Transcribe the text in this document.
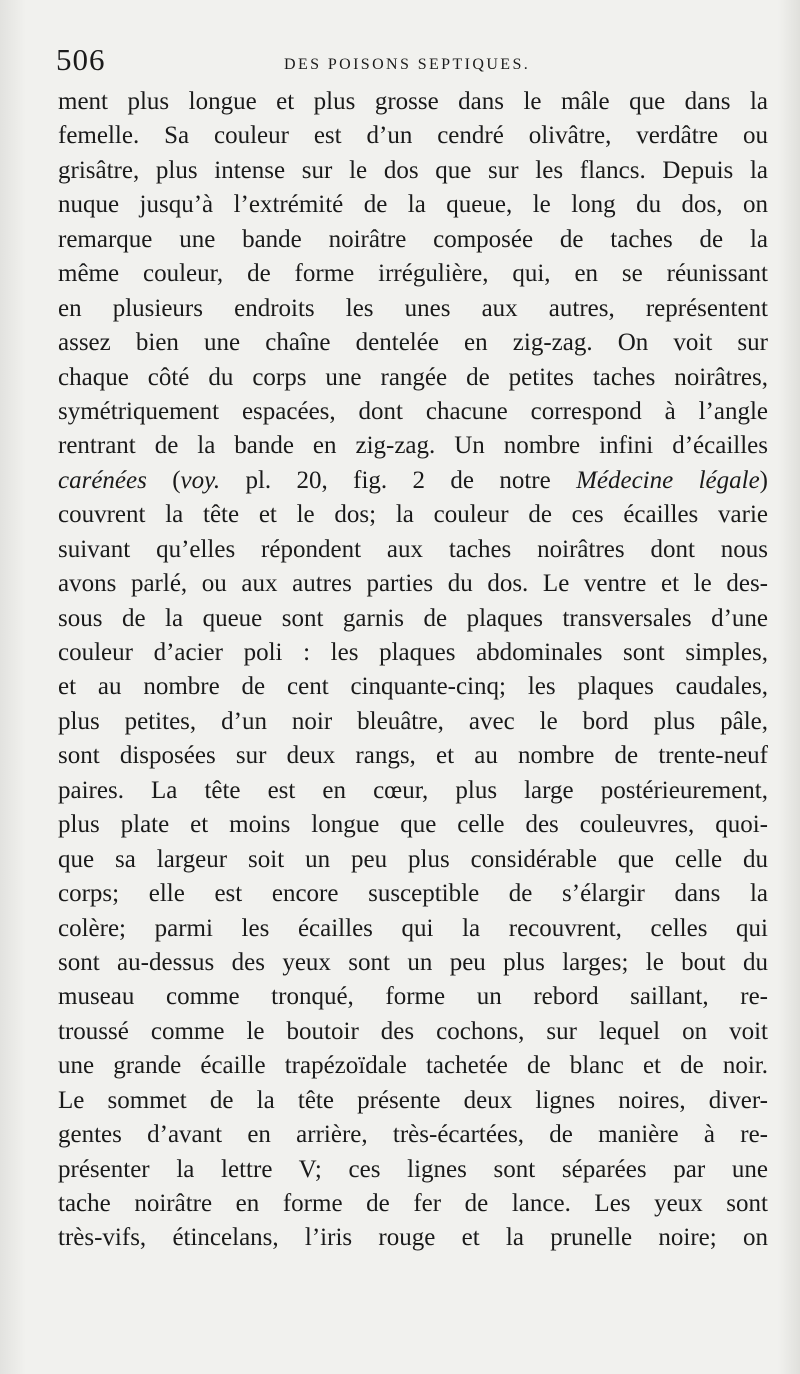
506	DES POISONS SEPTIQUES.
ment plus longue et plus grosse dans le mâle que dans la
femelle. Sa couleur est d’un cendré olivâtre, verdâtre ou
grisâtre, plus intense sur le dos que sur les flancs. Depuis la
nuque jusqu’à l’extrémité de la queue, le long du dos, on
remarque une bande noirâtre composée de taches de la
même couleur, de forme irrégulière, qui, en se réunissant
en plusieurs endroits les unes aux autres, représentent
assez bien une chaîne dentelée en zig-zag. On voit sur
chaque côté du corps une rangée de petites taches noirâtres,
symétriquement espacées, dont chacune correspond à l’angle
rentrant de la bande en zig-zag. Un nombre infini d’écailles
carénées (voy. pl. 20, fig. 2 de notre Médecine légale)
couvrent la tête et le dos; la couleur de ces écailles varie
suivant qu’elles répondent aux taches noirâtres dont nous
avons parlé, ou aux autres parties du dos. Le ventre et le des-
sous de la queue sont garnis de plaques transversales d’une
couleur d’acier poli : les plaques abdominales sont simples,
et au nombre de cent cinquante-cinq; les plaques caudales,
plus petites, d’un noir bleuâtre, avec le bord plus pâle,
sont disposées sur deux rangs, et au nombre de trente-neuf
paires. La tête est en cœur, plus large postérieurement,
plus plate et moins longue que celle des couleuvres, quoi-
que sa largeur soit un peu plus considérable que celle du
corps; elle est encore susceptible de s’élargir dans la
colère; parmi les écailles qui la recouvrent, celles qui
sont au-dessus des yeux sont un peu plus larges; le bout du
museau comme tronqué, forme un rebord saillant, re-
troussé comme le boutoir des cochons, sur lequel on voit
une grande écaille trapézoïdale tachetée de blanc et de noir.
Le sommet de la tête présente deux lignes noires, diver-
gentes d’avant en arrière, très-écartées, de manière à re-
présenter la lettre V; ces lignes sont séparées par une
tache noirâtre en forme de fer de lance. Les yeux sont
très-vifs, étincelans, l’iris rouge et la prunelle noire; on
